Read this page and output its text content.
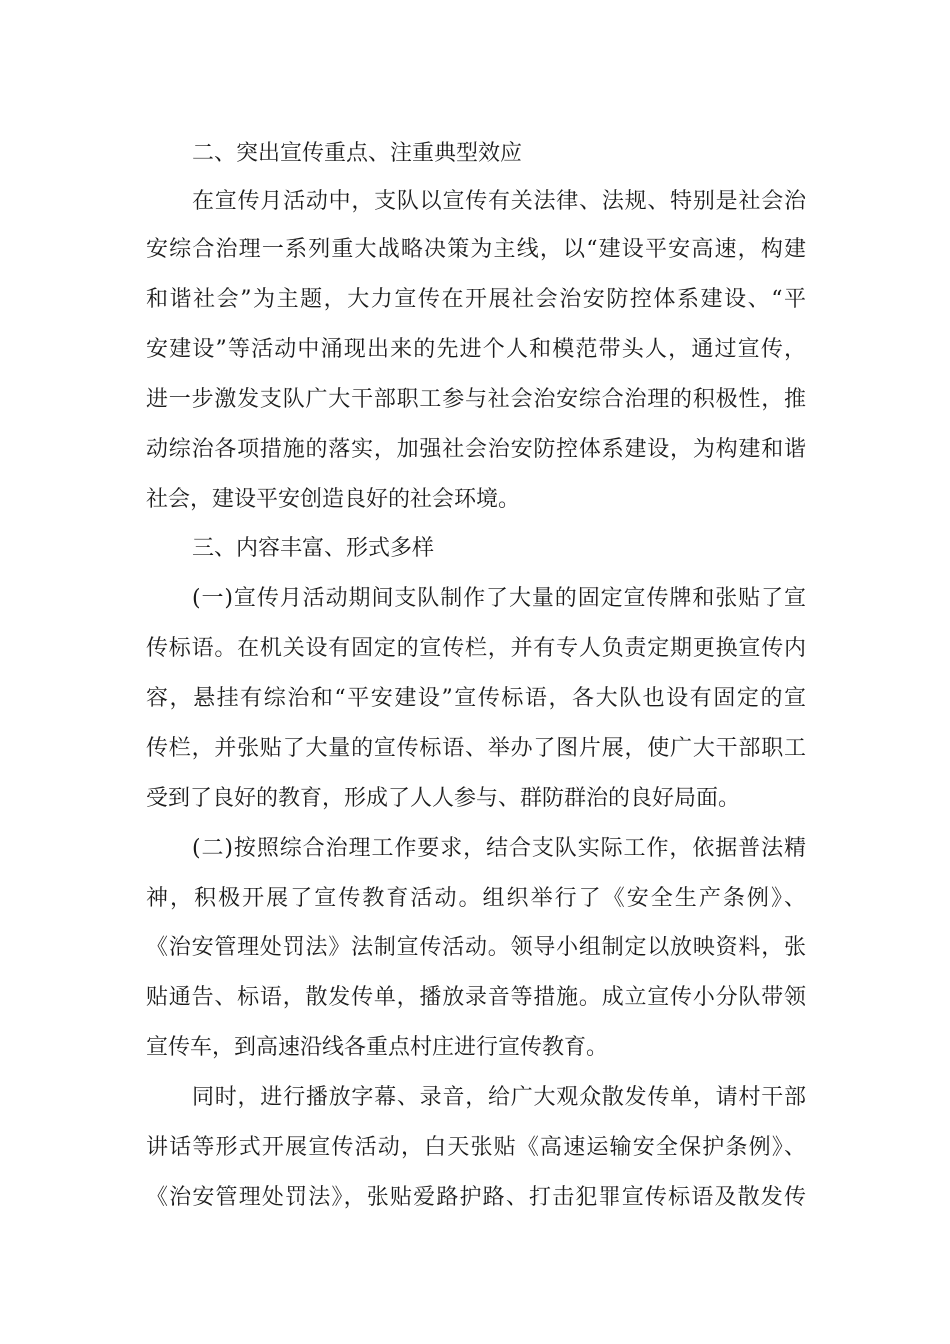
二、突出宣传重点、注重典型效应
在宣传月活动中，支队以宣传有关法律、法规、特别是社会治
安综合治理一系列重大战略决策为主线，以“建设平安高速，构建
和谐社会”为主题，大力宣传在开展社会治安防控体系建设、“平
安建设”等活动中涌现出来的先进个人和模范带头人，通过宣传，
进一步激发支队广大干部职工参与社会治安综合治理的积极性，推
动综治各项措施的落实，加强社会治安防控体系建设，为构建和谐
社会，建设平安创造良好的社会环境。
三、内容丰富、形式多样
(一)宣传月活动期间支队制作了大量的固定宣传牌和张贴了宣
传标语。在机关设有固定的宣传栏，并有专人负责定期更换宣传内
容，悬挂有综治和“平安建设”宣传标语，各大队也设有固定的宣
传栏，并张贴了大量的宣传标语、举办了图片展，使广大干部职工
受到了良好的教育，形成了人人参与、群防群治的良好局面。
(二)按照综合治理工作要求，结合支队实际工作，依据普法精
神，积极开展了宣传教育活动。组织举行了《安全生产条例》、
《治安管理处罚法》法制宣传活动。领导小组制定以放映资料，张
贴通告、标语，散发传单，播放录音等措施。成立宣传小分队带领
宣传车，到高速沿线各重点村庄进行宣传教育。
同时，进行播放字幕、录音，给广大观众散发传单，请村干部
讲话等形式开展宣传活动，白天张贴《高速运输安全保护条例》、
《治安管理处罚法》，张贴爱路护路、打击犯罪宣传标语及散发传
